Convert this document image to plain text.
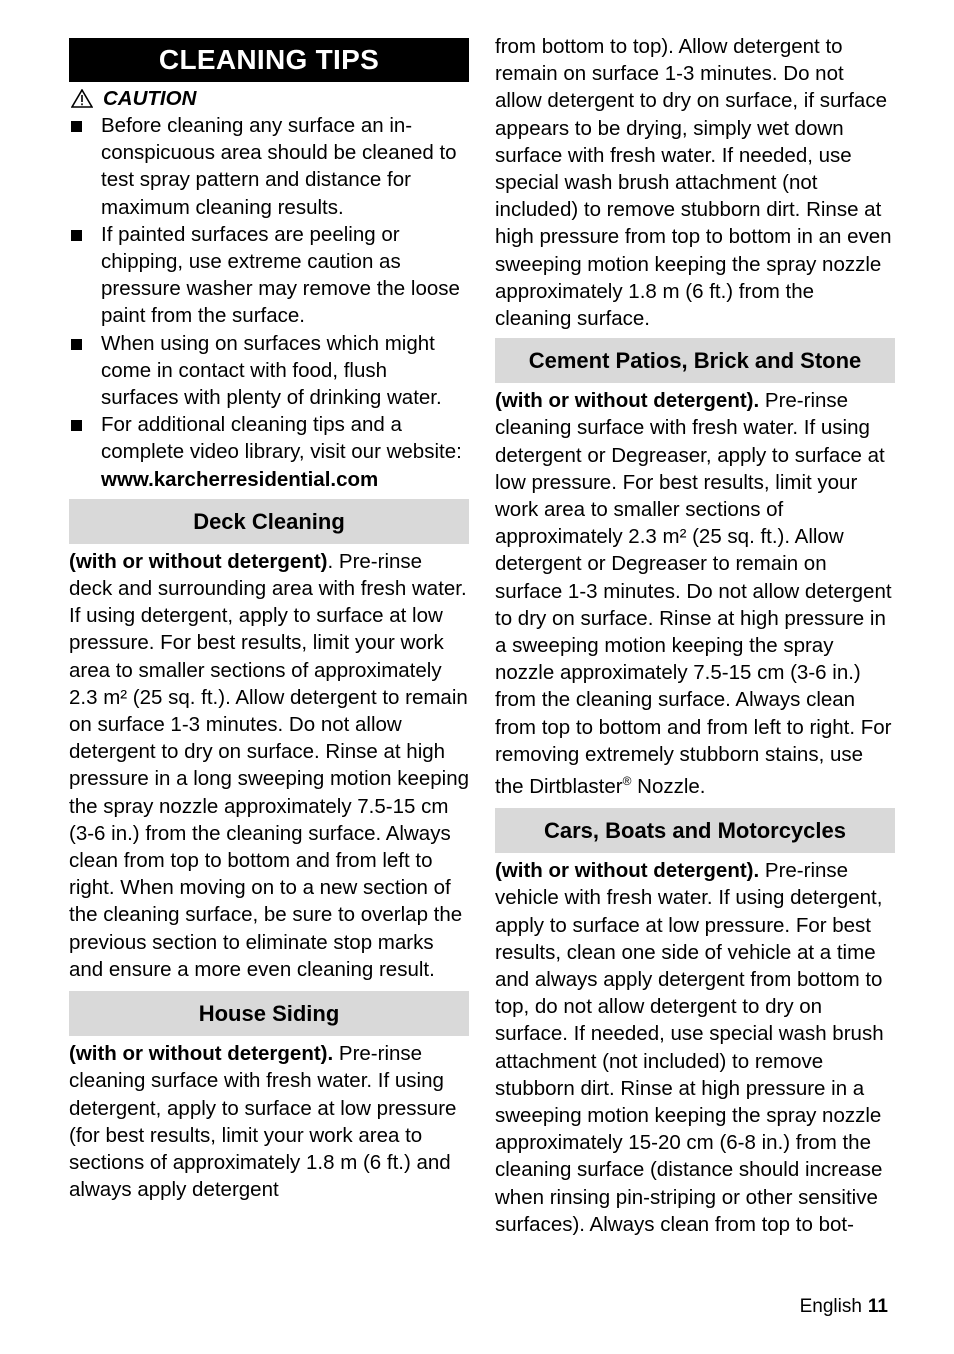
CLEANING TIPS
CAUTION
Before cleaning any surface an in-conspicuous area should be cleaned to test spray pattern and distance for maximum cleaning results.
If painted surfaces are peeling or chipping, use extreme caution as pressure washer may remove the loose paint from the surface.
When using on surfaces which might come in contact with food, flush surfaces with plenty of drinking water.
For additional cleaning tips and a complete video library, visit our website:
www.karcherresidential.com
Deck Cleaning

(with or without detergent). Pre-rinse deck and surrounding area with fresh water. If using detergent, apply to surface at low pressure. For best results, limit your work area to smaller sections of approximately 2.3 m² (25 sq. ft.). Allow detergent to remain on surface 1-3 minutes. Do not allow detergent to dry on surface. Rinse at high pressure in a long sweeping motion keeping the spray nozzle approximately 7.5-15 cm (3-6 in.) from the cleaning surface. Always clean from top to bottom and from left to right. When moving on to a new section of the cleaning surface, be sure to overlap the previous section to eliminate stop marks and ensure a more even cleaning result.

House Siding

(with or without detergent). Pre-rinse cleaning surface with fresh water. If using detergent, apply to surface at low pressure (for best results, limit your work area to sections of approximately 1.8 m (6 ft.) and always apply detergent

from bottom to top). Allow detergent to remain on surface 1-3 minutes. Do not allow detergent to dry on surface, if surface appears to be drying, simply wet down surface with fresh water. If needed, use special wash brush attachment (not included) to remove stubborn dirt. Rinse at high pressure from top to bottom in an even sweeping motion keeping the spray nozzle approximately 1.8 m (6 ft.) from the cleaning surface.

Cement Patios, Brick and Stone

(with or without detergent). Pre-rinse cleaning surface with fresh water. If using detergent or Degreaser, apply to surface at low pressure. For best results, limit your work area to smaller sections of approximately 2.3 m² (25 sq. ft.). Allow detergent or Degreaser to remain on surface 1-3 minutes. Do not allow detergent to dry on surface. Rinse at high pressure in a sweeping motion keeping the spray nozzle approximately 7.5-15 cm (3-6 in.) from the cleaning surface. Always clean from top to bottom and from left to right. For removing extremely stubborn stains, use the Dirtblaster® Nozzle.

Cars, Boats and Motorcycles

(with or without detergent). Pre-rinse vehicle with fresh water. If using detergent, apply to surface at low pressure. For best results, clean one side of vehicle at a time and always apply detergent from bottom to top, do not allow detergent to dry on surface. If needed, use special wash brush attachment (not included) to remove stubborn dirt. Rinse at high pressure in a sweeping motion keeping the spray nozzle approximately 15-20 cm (6-8 in.) from the cleaning surface (distance should increase when rinsing pin-striping or other sensitive surfaces). Always clean from top to bot-

English 11
